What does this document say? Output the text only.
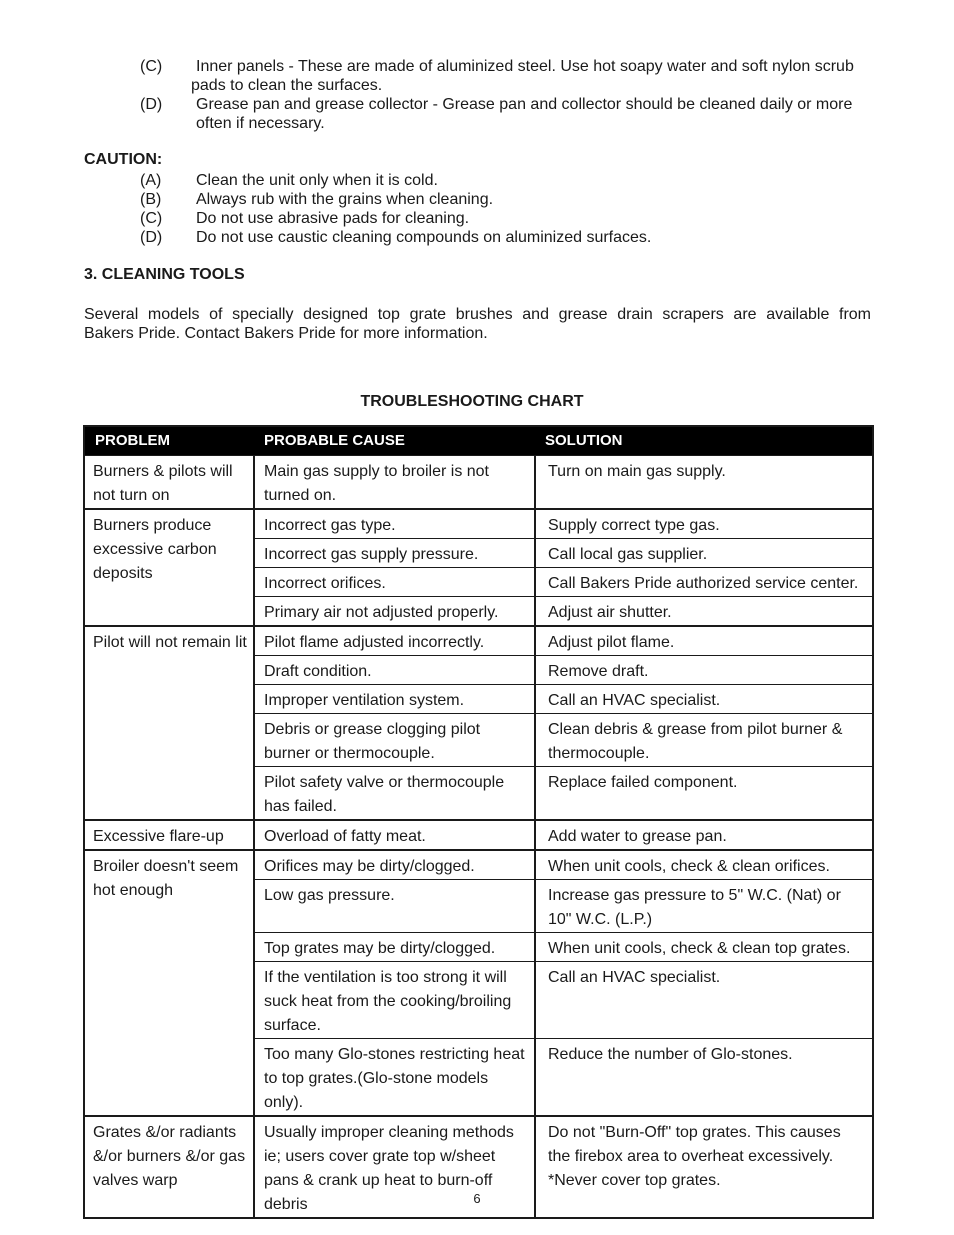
(C) Inner panels - These are made of aluminized steel. Use hot soapy water and soft nylon scrub
pads to clean the surfaces.
(D) Grease pan and grease collector - Grease pan and collector should be cleaned daily or more
often if necessary.
CAUTION:
(A) Clean the unit only when it is cold.
(B) Always rub with the grains when cleaning.
(C) Do not use abrasive pads for cleaning.
(D) Do not use caustic cleaning compounds on aluminized surfaces.
3. CLEANING TOOLS
Several models of specially designed top grate brushes and grease drain scrapers are available from
Bakers Pride. Contact Bakers Pride for more information.
TROUBLESHOOTING CHART
PROBLEM	PROBABLE CAUSE	SOLUTION
Burners & pilots will not turn on	Main gas supply to broiler is not turned on.	Turn on main gas supply.
Burners produce excessive carbon deposits	Incorrect gas type.	Supply correct type gas.
	Incorrect gas supply pressure.	Call local gas supplier.
	Incorrect orifices.	Call Bakers Pride authorized service center.
	Primary air not adjusted properly.	Adjust air shutter.
Pilot will not remain lit	Pilot flame adjusted incorrectly.	Adjust pilot flame.
	Draft condition.	Remove draft.
	Improper ventilation system.	Call an HVAC specialist.
	Debris or grease clogging pilot burner or thermocouple.	Clean debris & grease from pilot burner & thermocouple.
	Pilot safety valve or thermocouple has failed.	Replace failed component.
Excessive flare-up	Overload of fatty meat.	Add water to grease pan.
Broiler doesn't seem hot enough	Orifices may be dirty/clogged.	When unit cools, check & clean orifices.
	Low gas pressure.	Increase gas pressure to 5" W.C. (Nat) or 10" W.C. (L.P.)
	Top grates may be dirty/clogged.	When unit cools, check & clean top grates.
	If the ventilation is too strong it will suck heat from the cooking/broiling surface.	Call an HVAC specialist.
	Too many Glo-stones restricting heat to top grates.(Glo-stone models only).	Reduce the number of Glo-stones.
Grates &/or radiants &/or burners &/or gas valves warp	Usually improper cleaning methods ie; users cover grate top w/sheet pans & crank up heat to burn-off debris	Do not "Burn-Off" top grates. This causes the firebox area to overheat excessively. *Never cover top grates.
6
